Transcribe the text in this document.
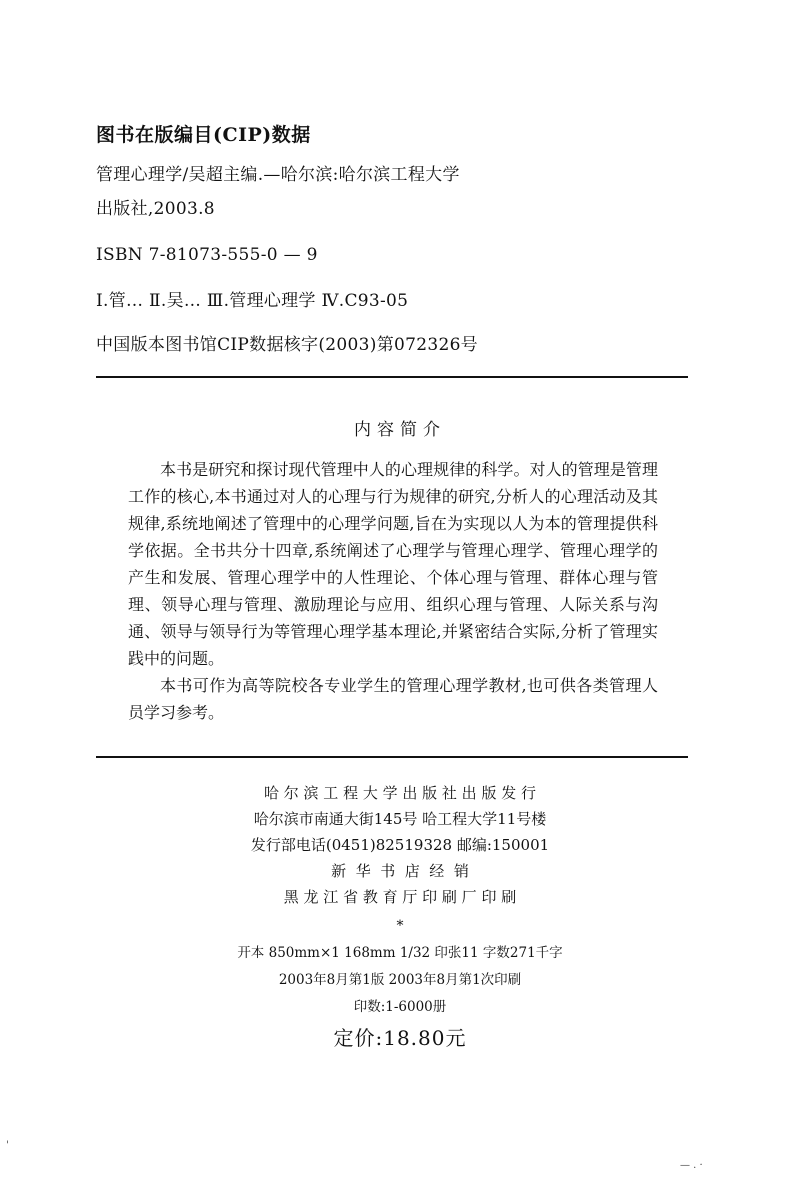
图书在版编目(CIP)数据
管理心理学/吴超主编.—哈尔滨:哈尔滨工程大学
出版社,2003.8
ISBN 7-81073-555-0 — 9
Ⅰ.管… Ⅱ.吴… Ⅲ.管理心理学 Ⅳ.C93-05
中国版本图书馆CIP数据核字(2003)第072326号
内容简介

本书是研究和探讨现代管理中人的心理规律的科学。对人的管理是管理工作的核心,本书通过对人的心理与行为规律的研究,分析人的心理活动及其规律,系统地阐述了管理中的心理学问题,旨在为实现以人为本的管理提供科学依据。全书共分十四章,系统阐述了心理学与管理心理学、管理心理学的产生和发展、管理心理学中的人性理论、个体心理与管理、群体心理与管理、领导心理与管理、激励理论与应用、组织心理与管理、人际关系与沟通、领导与领导行为等管理心理学基本理论,并紧密结合实际,分析了管理实践中的问题。

本书可作为高等院校各专业学生的管理心理学教材,也可供各类管理人员学习参考。

哈 尔 滨 工 程 大 学 出 版 社 出 版 发 行
哈尔滨市南通大街145号 哈工程大学11号楼
发行部电话(0451)82519328 邮编:150001
新  华  书  店  经  销
黑 龙 江 省 教 育 厅 印 刷 厂 印 刷
*
开本 850mm×1 168mm 1/32 印张11 字数271千字
2003年8月第1版 2003年8月第1次印刷
印数:1-6000册
定价:18.80元
'
— . ·
